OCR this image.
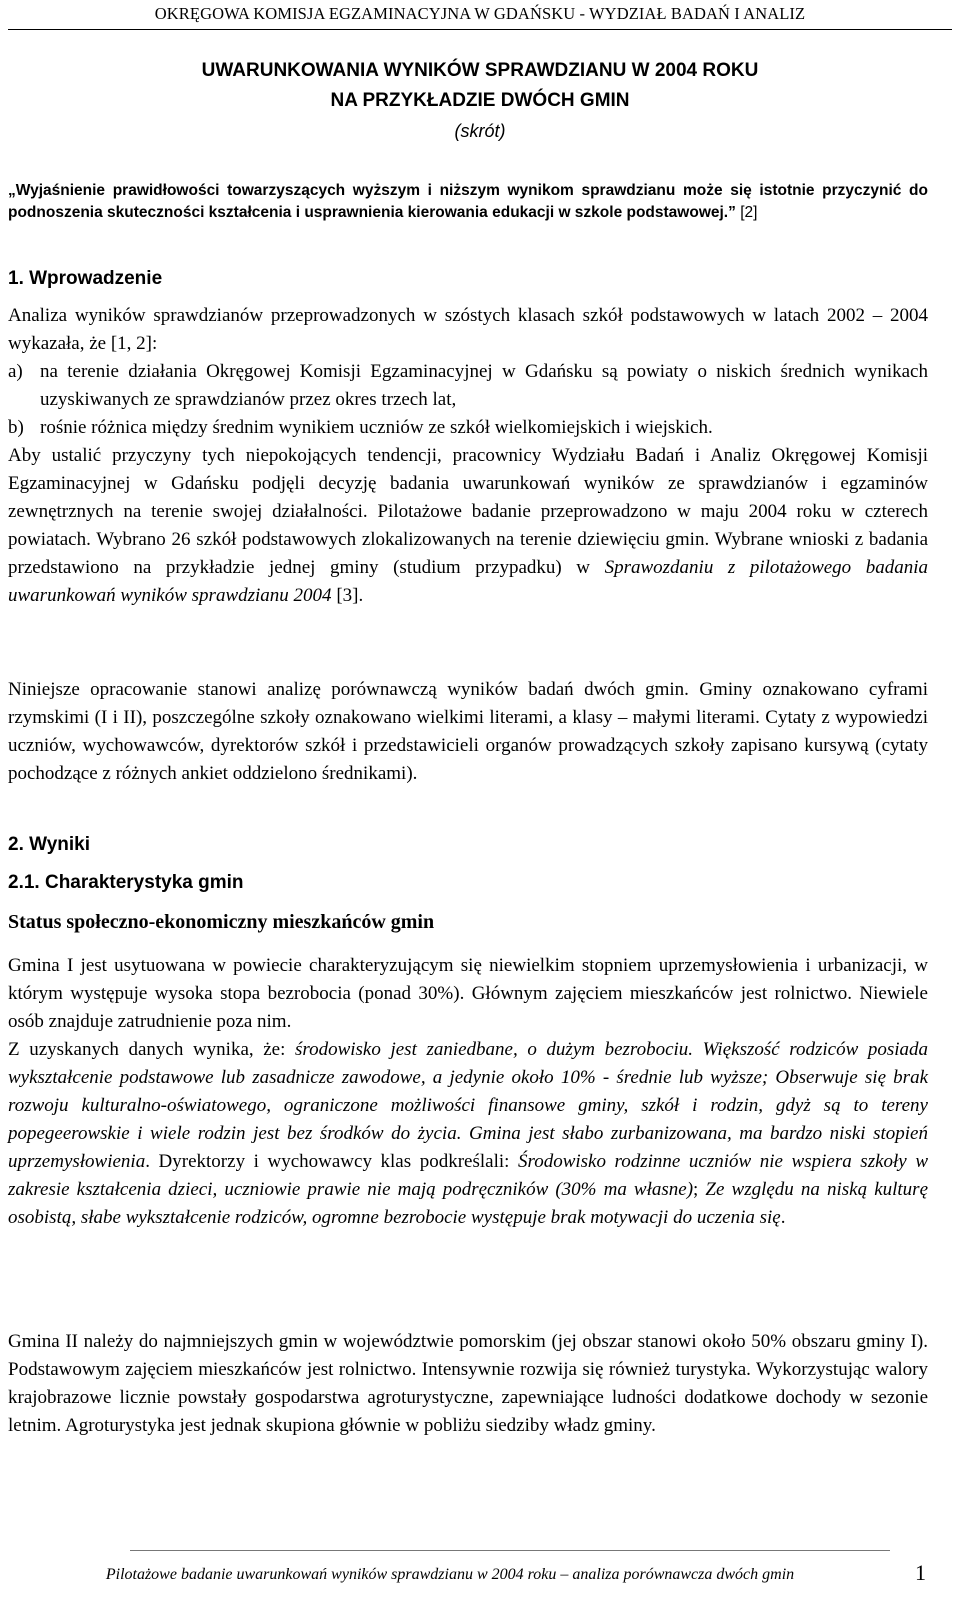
OKRĘGOWA KOMISJA EGZAMINACYJNA W GDAŃSKU - WYDZIAŁ BADAŃ I ANALIZ
UWARUNKOWANIA WYNIKÓW SPRAWDZIANU W 2004 ROKU
NA PRZYKŁADZIE DWÓCH GMIN
(skrót)
„Wyjaśnienie prawidłowości towarzyszących wyższym i niższym wynikom sprawdzianu może się istotnie przyczynić do podnoszenia skuteczności kształcenia i usprawnienia kierowania edukacji w szkole podstawowej.” [2]
1. Wprowadzenie
Analiza wyników sprawdzianów przeprowadzonych w szóstych klasach szkół podstawowych w latach 2002 – 2004 wykazała, że [1, 2]:
a) na terenie działania Okręgowej Komisji Egzaminacyjnej w Gdańsku są powiaty o niskich średnich wynikach uzyskiwanych ze sprawdzianów przez okres trzech lat,
b) rośnie różnica między średnim wynikiem uczniów ze szkół wielkomiejskich i wiejskich.
Aby ustalić przyczyny tych niepokojących tendencji, pracownicy Wydziału Badań i Analiz Okręgowej Komisji Egzaminacyjnej w Gdańsku podjęli decyzję badania uwarunkowań wyników ze sprawdzianów i egzaminów zewnętrznych na terenie swojej działalności. Pilotażowe badanie przeprowadzono w maju 2004 roku w czterech powiatach. Wybrano 26 szkół podstawowych zlokalizowanych na terenie dziewięciu gmin. Wybrane wnioski z badania przedstawiono na przykładzie jednej gminy (studium przypadku) w Sprawozdaniu z pilotażowego badania uwarunkowań wyników sprawdzianu 2004 [3].
Niniejsze opracowanie stanowi analizę porównawczą wyników badań dwóch gmin. Gminy oznakowano cyframi rzymskimi (I i II), poszczególne szkoły oznakowano wielkimi literami, a klasy – małymi literami. Cytaty z wypowiedzi uczniów, wychowawców, dyrektorów szkół i przedstawicieli organów prowadzących szkoły zapisano kursywą (cytaty pochodzące z różnych ankiet oddzielono średnikami).
2. Wyniki
2.1. Charakterystyka gmin
Status społeczno-ekonomiczny mieszkańców gmin
Gmina I jest usytuowana w powiecie charakteryzującym się niewielkim stopniem uprzemysłowienia i urbanizacji, w którym występuje wysoka stopa bezrobocia (ponad 30%). Głównym zajęciem mieszkańców jest rolnictwo. Niewiele osób znajduje zatrudnienie poza nim.
Z uzyskanych danych wynika, że: środowisko jest zaniedbane, o dużym bezrobociu. Większość rodziców posiada wykształcenie podstawowe lub zasadnicze zawodowe, a jedynie około 10% - średnie lub wyższe; Obserwuje się brak rozwoju kulturalno-oświatowego, ograniczone możliwości finansowe gminy, szkół i rodzin, gdyż są to tereny popegeerowskie i wiele rodzin jest bez środków do życia. Gmina jest słabo zurbanizowana, ma bardzo niski stopień uprzemysłowienia. Dyrektorzy i wychowawcy klas podkreślali: Środowisko rodzinne uczniów nie wspiera szkoły w zakresie kształcenia dzieci, uczniowie prawie nie mają podręczników (30% ma własne); Ze względu na niską kulturę osobistą, słabe wykształcenie rodziców, ogromne bezrobocie występuje brak motywacji do uczenia się.
Gmina II należy do najmniejszych gmin w województwie pomorskim (jej obszar stanowi około 50% obszaru gminy I). Podstawowym zajęciem mieszkańców jest rolnictwo. Intensywnie rozwija się również turystyka. Wykorzystując walory krajobrazowe licznie powstały gospodarstwa agroturystyczne, zapewniające ludności dodatkowe dochody w sezonie letnim. Agroturystyka jest jednak skupiona głównie w pobliżu siedziby władz gminy.
Pilotażowe badanie uwarunkowań wyników sprawdzianu w 2004 roku – analiza porównawcza dwóch gmin	1
